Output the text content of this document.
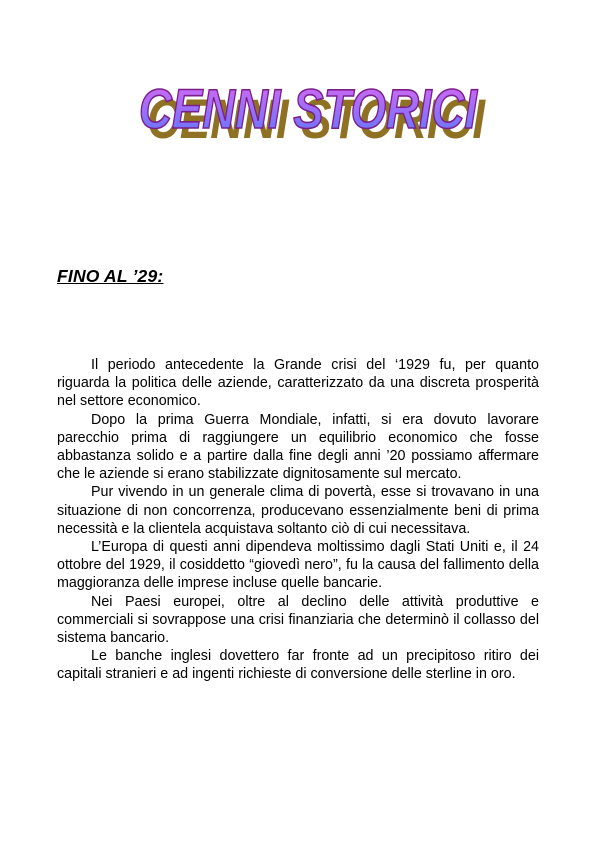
CENNI STORICI
CENNI STORICI
FINO AL ’29:

Il periodo antecedente la Grande crisi del ‘1929 fu, per quanto riguarda la politica delle aziende, caratterizzato da una discreta prosperità nel settore economico.

Dopo la prima Guerra Mondiale, infatti, si era dovuto lavorare parecchio prima di raggiungere un equilibrio economico che fosse abbastanza solido e a partire dalla fine degli anni ’20 possiamo affermare che le aziende si erano stabilizzate dignitosamente sul mercato.

Pur vivendo in un generale clima di povertà, esse si trovavano in una situazione di non concorrenza, producevano essenzialmente beni di prima necessità e la clientela acquistava soltanto ciò di cui necessitava.

L’Europa di questi anni dipendeva moltissimo dagli Stati Uniti e, il 24 ottobre del 1929, il cosiddetto “giovedì nero”, fu la causa del fallimento della maggioranza delle imprese incluse quelle bancarie.

Nei Paesi europei, oltre al declino delle attività produttive e commerciali si sovrappose una crisi finanziaria che determinò il collasso del sistema bancario.

Le banche inglesi dovettero far fronte ad un precipitoso ritiro dei capitali stranieri e ad ingenti richieste di conversione delle sterline in oro.
